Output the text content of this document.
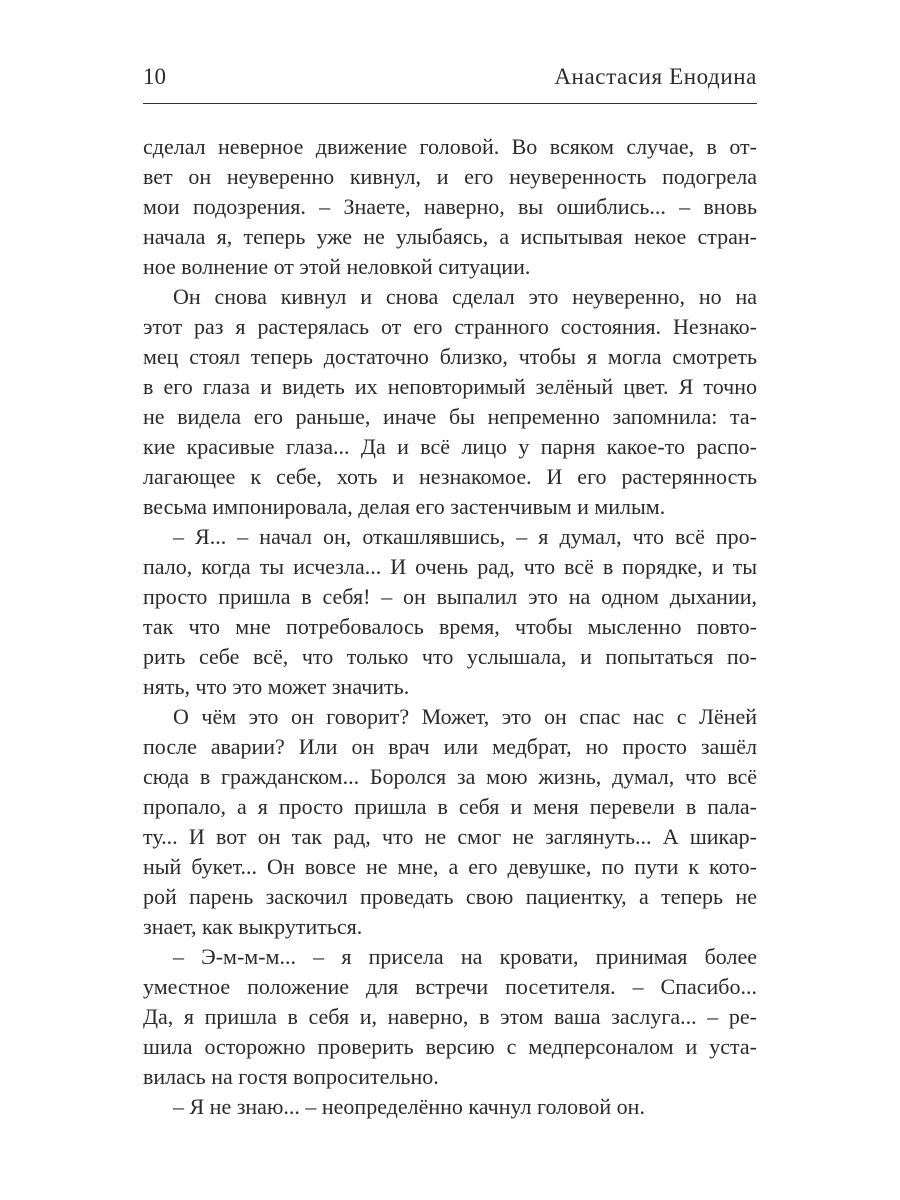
10	Анастасия Енодина
сделал неверное движение головой. Во всяком случае, в от-
вет он неуверенно кивнул, и его неуверенность подогрела
мои подозрения. – Знаете, наверно, вы ошиблись... – вновь
начала я, теперь уже не улыбаясь, а испытывая некое стран-
ное волнение от этой неловкой ситуации.
Он снова кивнул и снова сделал это неуверенно, но на
этот раз я растерялась от его странного состояния. Незнако-
мец стоял теперь достаточно близко, чтобы я могла смотреть
в его глаза и видеть их неповторимый зелёный цвет. Я точно
не видела его раньше, иначе бы непременно запомнила: та-
кие красивые глаза... Да и всё лицо у парня какое-то распо-
лагающее к себе, хоть и незнакомое. И его растерянность
весьма импонировала, делая его застенчивым и милым.
– Я... – начал он, откашлявшись, – я думал, что всё про-
пало, когда ты исчезла... И очень рад, что всё в порядке, и ты
просто пришла в себя! – он выпалил это на одном дыхании,
так что мне потребовалось время, чтобы мысленно повто-
рить себе всё, что только что услышала, и попытаться по-
нять, что это может значить.
О чём это он говорит? Может, это он спас нас с Лёней
после аварии? Или он врач или медбрат, но просто зашёл
сюда в гражданском... Боролся за мою жизнь, думал, что всё
пропало, а я просто пришла в себя и меня перевели в пала-
ту... И вот он так рад, что не смог не заглянуть... А шикар-
ный букет... Он вовсе не мне, а его девушке, по пути к кото-
рой парень заскочил проведать свою пациентку, а теперь не
знает, как выкрутиться.
– Э-м-м-м... – я присела на кровати, принимая более
уместное положение для встречи посетителя. – Спасибо...
Да, я пришла в себя и, наверно, в этом ваша заслуга... – ре-
шила осторожно проверить версию с медперсоналом и уста-
вилась на гостя вопросительно.
– Я не знаю... – неопределённо качнул головой он.
